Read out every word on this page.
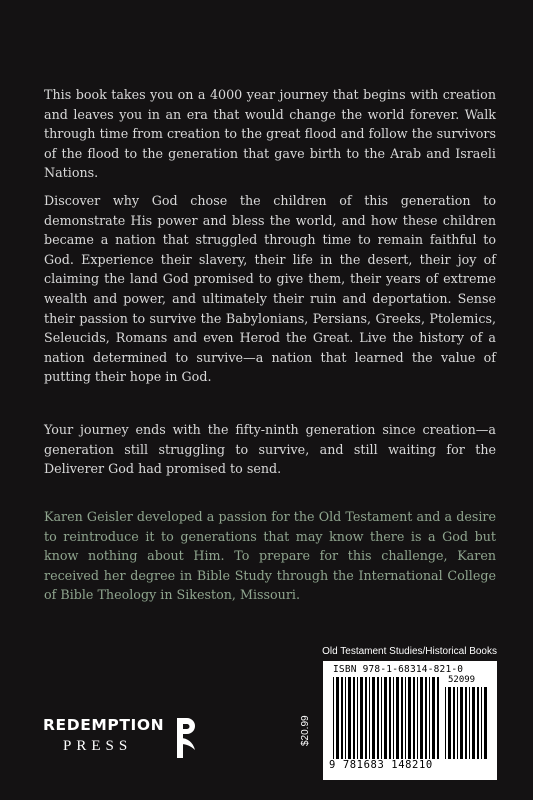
This book takes you on a 4000 year journey that begins with creation and leaves you in an era that would change the world forever. Walk through time from creation to the great flood and follow the survivors of the flood to the generation that gave birth to the Arab and Israeli Nations.

Discover why God chose the children of this generation to demonstrate His power and bless the world, and how these children became a nation that struggled through time to remain faithful to God. Experience their slavery, their life in the desert, their joy of claiming the land God promised to give them, their years of extreme wealth and power, and ultimately their ruin and deportation. Sense their passion to survive the Babylonians, Persians, Greeks, Ptolemics, Seleucids, Romans and even Herod the Great. Live the history of a nation determined to survive—a nation that learned the value of putting their hope in God.

Your journey ends with the fifty-ninth generation since creation—a generation still struggling to survive, and still waiting for the Deliverer God had promised to send.

Karen Geisler developed a passion for the Old Testament and a desire to reintroduce it to generations that may know there is a God but know nothing about Him. To prepare for this challenge, Karen received her degree in Bible Study through the International College of Bible Theology in Sikeston, Missouri.

Old Testament Studies/Historical Books
$20.99
ISBN 978-1-68314-821-0
52099
9 781683 148210
REDEMPTION
PRESS
